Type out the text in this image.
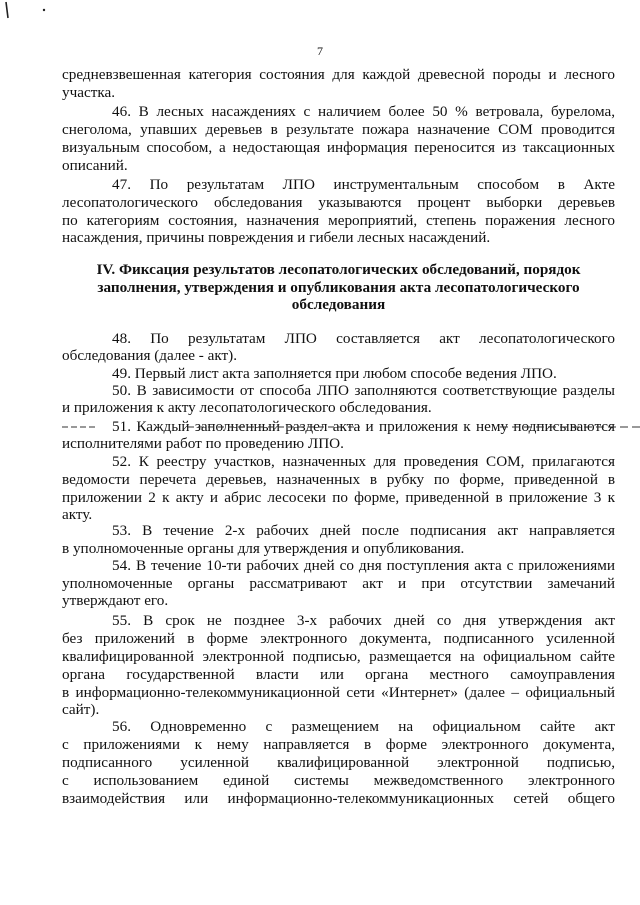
7
средневзвешенная категория состояния для каждой древесной породы и лесного
участка.
46. В лесных насаждениях с наличием более 50 % ветровала, бурелома,
снеголома, упавших деревьев в результате пожара назначение СОМ проводится
визуальным способом, а недостающая информация переносится из таксационных
описаний.
47. По результатам ЛПО инструментальным способом в Акте
лесопатологического обследования указываются процент выборки деревьев
по категориям состояния, назначения мероприятий, степень поражения лесного
насаждения, причины повреждения и гибели лесных насаждений.
IV. Фиксация результатов лесопатологических обследований, порядок
заполнения, утверждения и опубликования акта лесопатологического
обследования
48. По результатам ЛПО составляется акт лесопатологического
обследования (далее - акт).
49. Первый лист акта заполняется при любом способе ведения ЛПО.
50. В зависимости от способа ЛПО заполняются соответствующие разделы
и приложения к акту лесопатологического обследования.
51. Каждый заполненный раздел акта и приложения к нему подписываются
исполнителями работ по проведению ЛПО.
52. К реестру участков, назначенных для проведения СОМ, прилагаются
ведомости перечета деревьев, назначенных в рубку по форме, приведенной в
приложении 2 к акту и абрис лесосеки по форме, приведенной в приложение 3 к
акту.
53. В течение 2-х рабочих дней после подписания акт направляется
в уполномоченные органы для утверждения и опубликования.
54. В течение 10-ти рабочих дней со дня поступления акта с приложениями
уполномоченные органы рассматривают акт и при отсутствии замечаний
утверждают его.
55. В срок не позднее 3-х рабочих дней со дня утверждения акт
без приложений в форме электронного документа, подписанного усиленной
квалифицированной электронной подписью, размещается на официальном сайте
органа государственной власти или органа местного самоуправления
в информационно-телекоммуникационной сети «Интернет» (далее – официальный
сайт).
56. Одновременно с размещением на официальном сайте акт
с приложениями к нему направляется в форме электронного документа,
подписанного усиленной квалифицированной электронной подписью,
с использованием единой системы межведомственного электронного
взаимодействия или информационно-телекоммуникационных сетей общего
